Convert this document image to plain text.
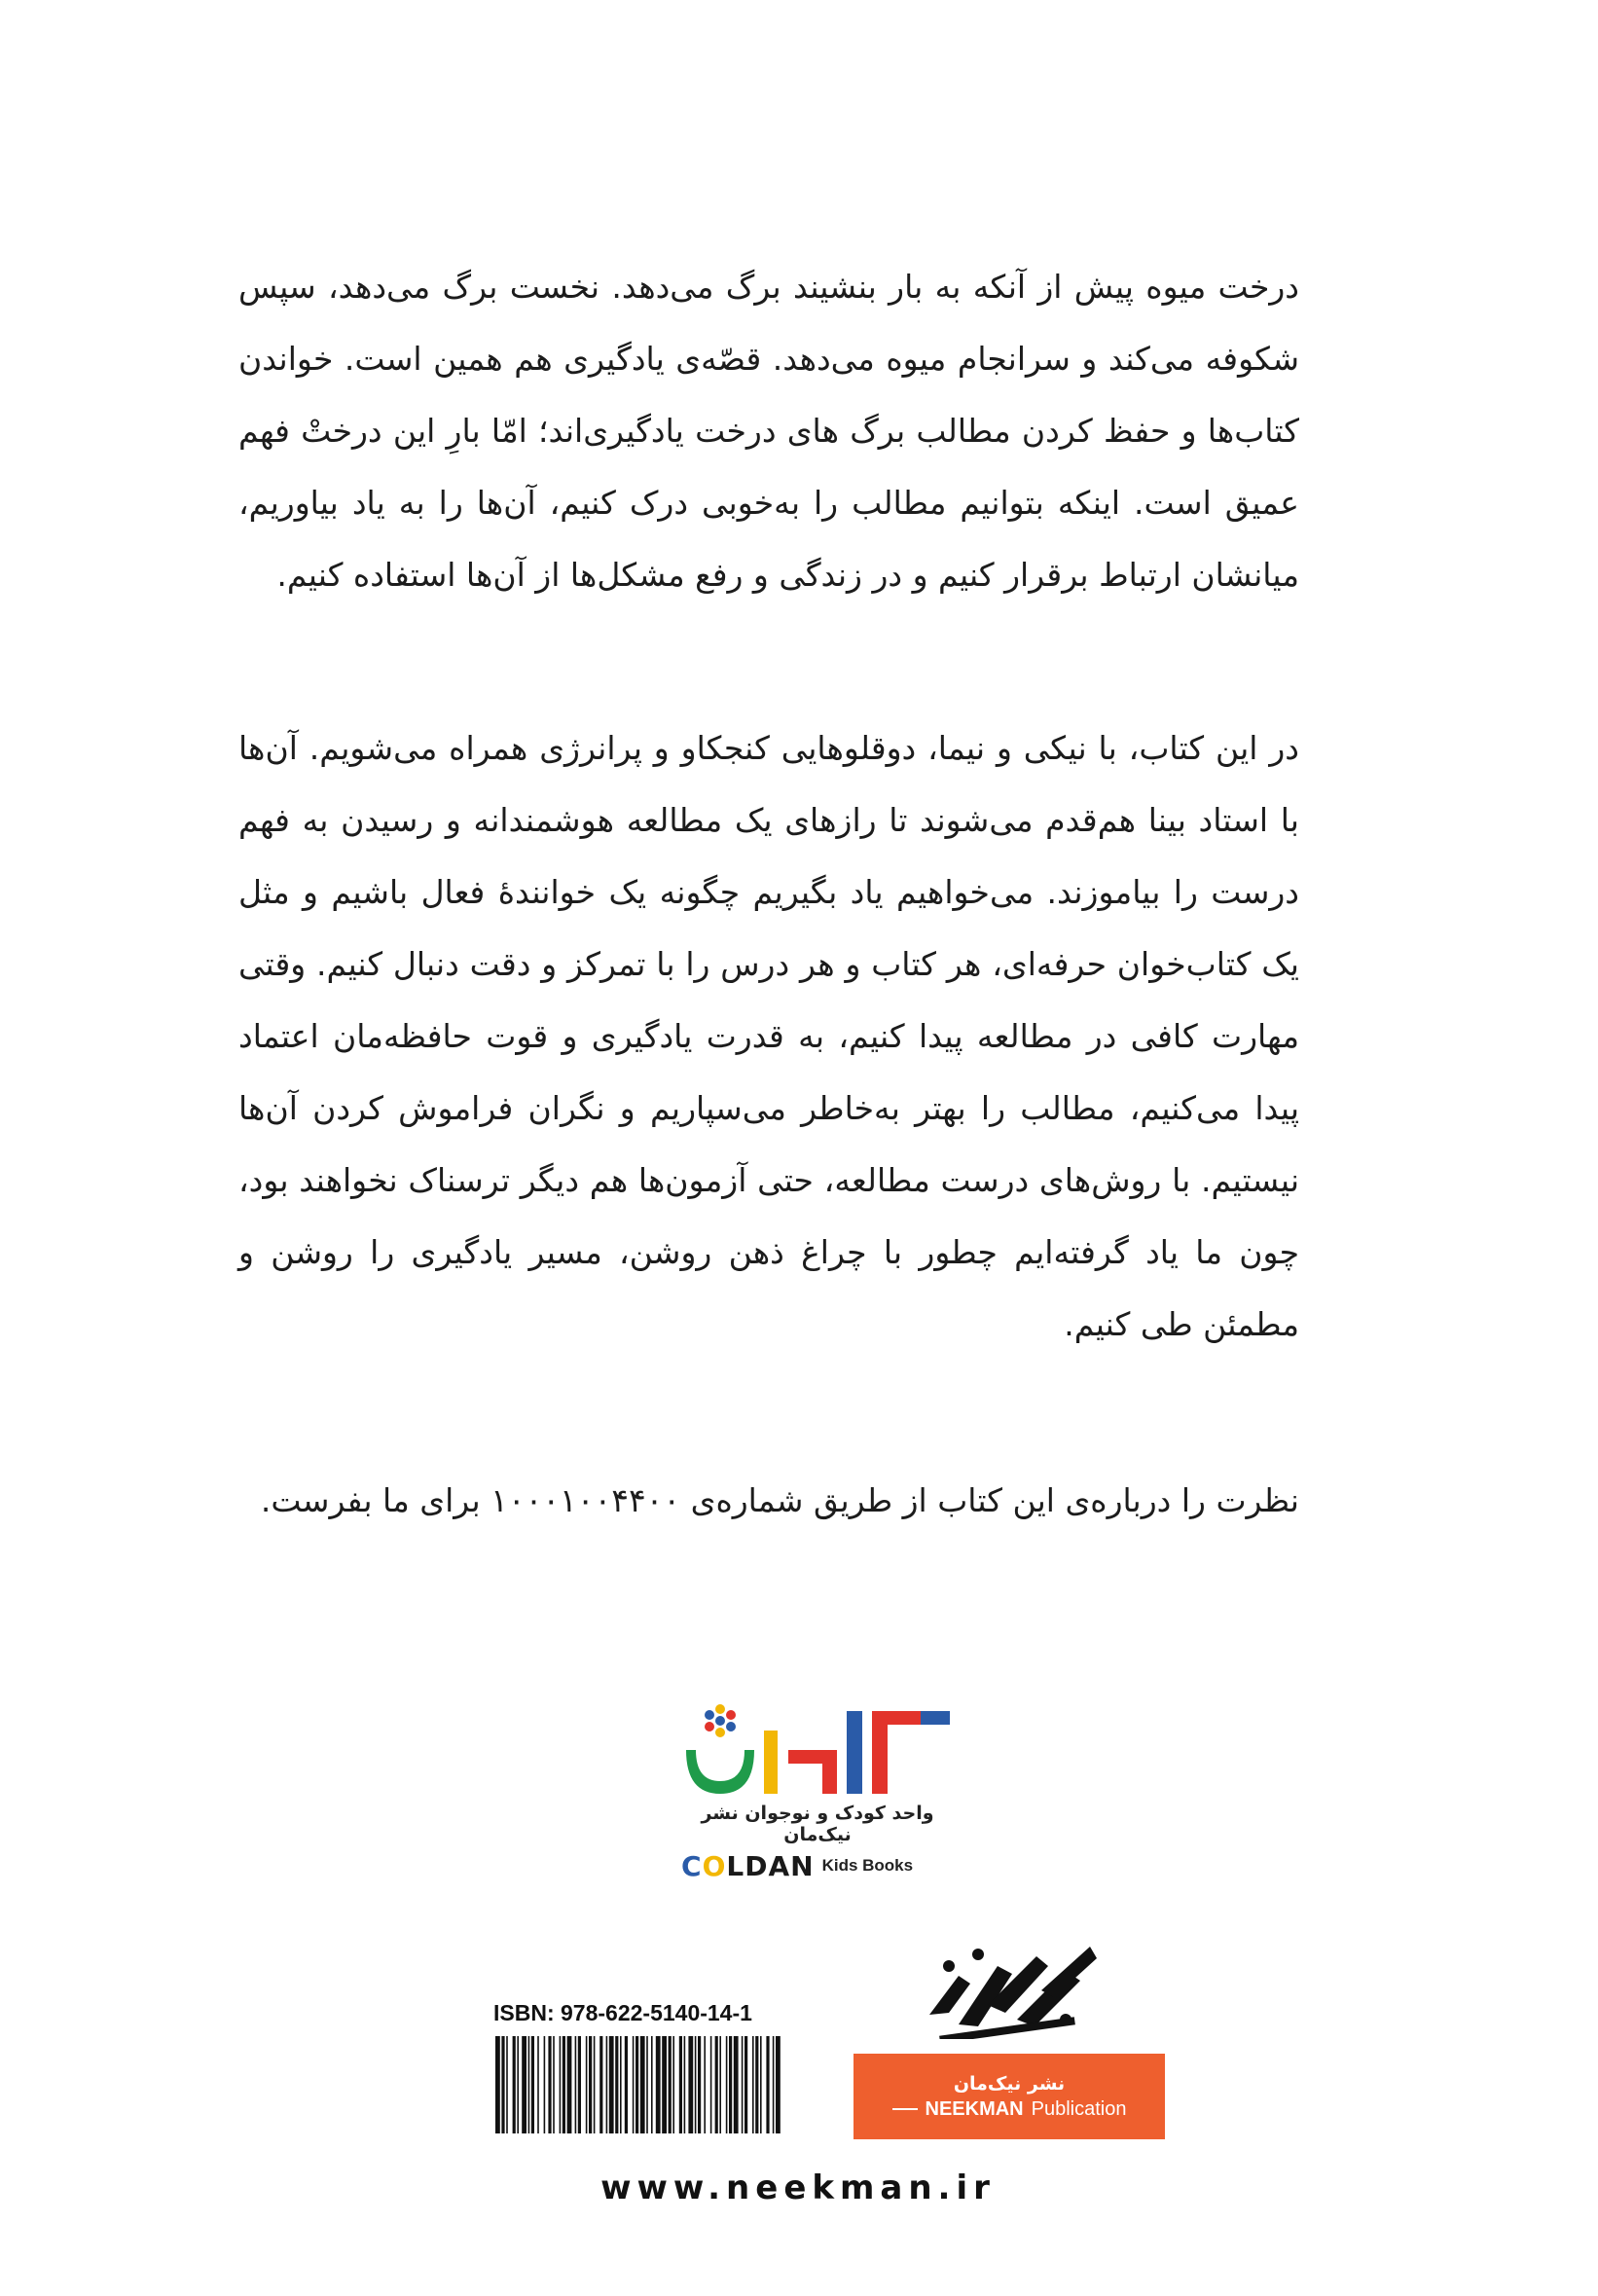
درخت میوه پیش از آنکه به بار بنشیند برگ می‌دهد. نخست برگ می‌دهد، سپس شکوفه می‌کند و سرانجام میوه می‌دهد. قصّه‌ی یادگیری هم همین است. خواندن کتاب‌ها و حفظ کردن مطالب برگ های درخت یادگیری‌اند؛ امّا بارِ این درختْ فهم عمیق است. اینکه بتوانیم مطالب را به‌خوبی درک کنیم، آن‌ها را به یاد بیاوریم، میانشان ارتباط برقرار کنیم و در زندگی و رفع مشکل‌ها از آن‌ها استفاده کنیم.

در این کتاب، با نیکی و نیما، دوقلوهایی کنجکاو و پرانرژی همراه می‌شویم. آن‌ها با استاد بینا هم‌قدم می‌شوند تا رازهای یک مطالعه هوشمندانه و رسیدن به فهم درست را بیاموزند. می‌خواهیم یاد بگیریم چگونه یک خوانندهٔ فعال باشیم و مثل یک کتاب‌خوان حرفه‌ای، هر کتاب و هر درس را با تمرکز و دقت دنبال کنیم. وقتی مهارت کافی در مطالعه پیدا کنیم، به قدرت یادگیری و قوت حافظه‌مان اعتماد پیدا می‌کنیم، مطالب را بهتر به‌خاطر می‌سپاریم و نگران فراموش کردن آن‌ها نیستیم. با روش‌های درست مطالعه، حتی آزمون‌ها هم دیگر ترسناک نخواهند بود، چون ما یاد گرفته‌ایم چطور با چراغ ذهن روشن، مسیر یادگیری را روشن و مطمئن طی کنیم.

نظرت را درباره‌ی این کتاب از طریق شماره‌ی ۱۰۰۰۱۰۰۴۴۰۰ برای ما بفرست.

واحد کودک و نوجوان نشر نیک‌مان
COLDAN Kids Books
نشر نیک‌مان
NEEKMAN Publication
ISBN: 978-622-5140-14-1
www.neekman.ir
